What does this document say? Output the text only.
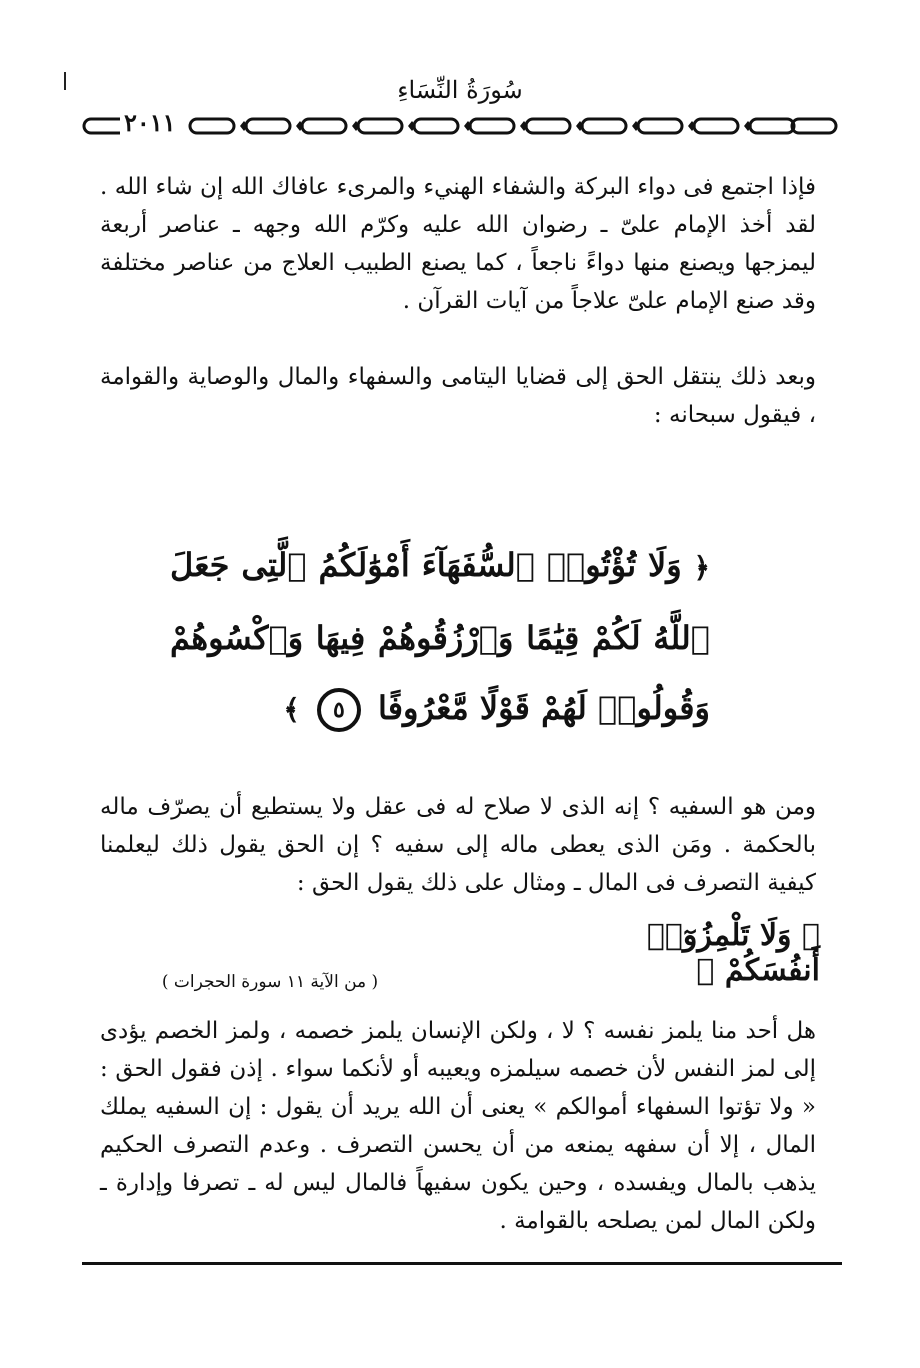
سُورَةُ النِّسَاءِ
٢٠١١
فإذا اجتمع فى دواء البركة والشفاء الهنيء والمرىء عافاك الله إن شاء الله . لقد أخذ الإمام علىّ ـ رضوان الله عليه وكرّم الله وجهه ـ عناصر أربعة ليمزجها ويصنع منها دواءً ناجعاً ، كما يصنع الطبيب العلاج من عناصر مختلفة وقد صنع الإمام علىّ علاجاً من آيات القرآن .
وبعد ذلك ينتقل الحق إلى قضايا اليتامى والسفهاء والمال والوصاية والقوامة ، فيقول سبحانه :
﴿ وَلَا تُؤْتُوا۟ ٱلسُّفَهَآءَ أَمْوَٰلَكُمُ ٱلَّتِى جَعَلَ ٱللَّهُ لَكُمْ قِيَٰمًا وَٱرْزُقُوهُمْ فِيهَا وَٱكْسُوهُمْ وَقُولُوا۟ لَهُمْ قَوْلًا مَّعْرُوفًا ٥ ﴾
ومن هو السفيه ؟ إنه الذى لا صلاح له فى عقل ولا يستطيع أن يصرّف ماله بالحكمة . ومَن الذى يعطى ماله إلى سفيه ؟ إن الحق يقول ذلك ليعلمنا كيفية التصرف فى المال ـ ومثال على ذلك يقول الحق :
﴿ وَلَا تَلْمِزُوٓا۟ أَنفُسَكُمْ ﴾
( من الآية ١١ سورة الحجرات )
هل أحد منا يلمز نفسه ؟ لا ، ولكن الإنسان يلمز خصمه ، ولمز الخصم يؤدى إلى لمز النفس لأن خصمه سيلمزه ويعيبه أو لأنكما سواء . إذن فقول الحق : « ولا تؤتوا السفهاء أموالكم » يعنى أن الله يريد أن يقول : إن السفيه يملك المال ، إلا أن سفهه يمنعه من أن يحسن التصرف . وعدم التصرف الحكيم يذهب بالمال ويفسده ، وحين يكون سفيهاً فالمال ليس له ـ تصرفا وإدارة ـ ولكن المال لمن يصلحه بالقوامة .
